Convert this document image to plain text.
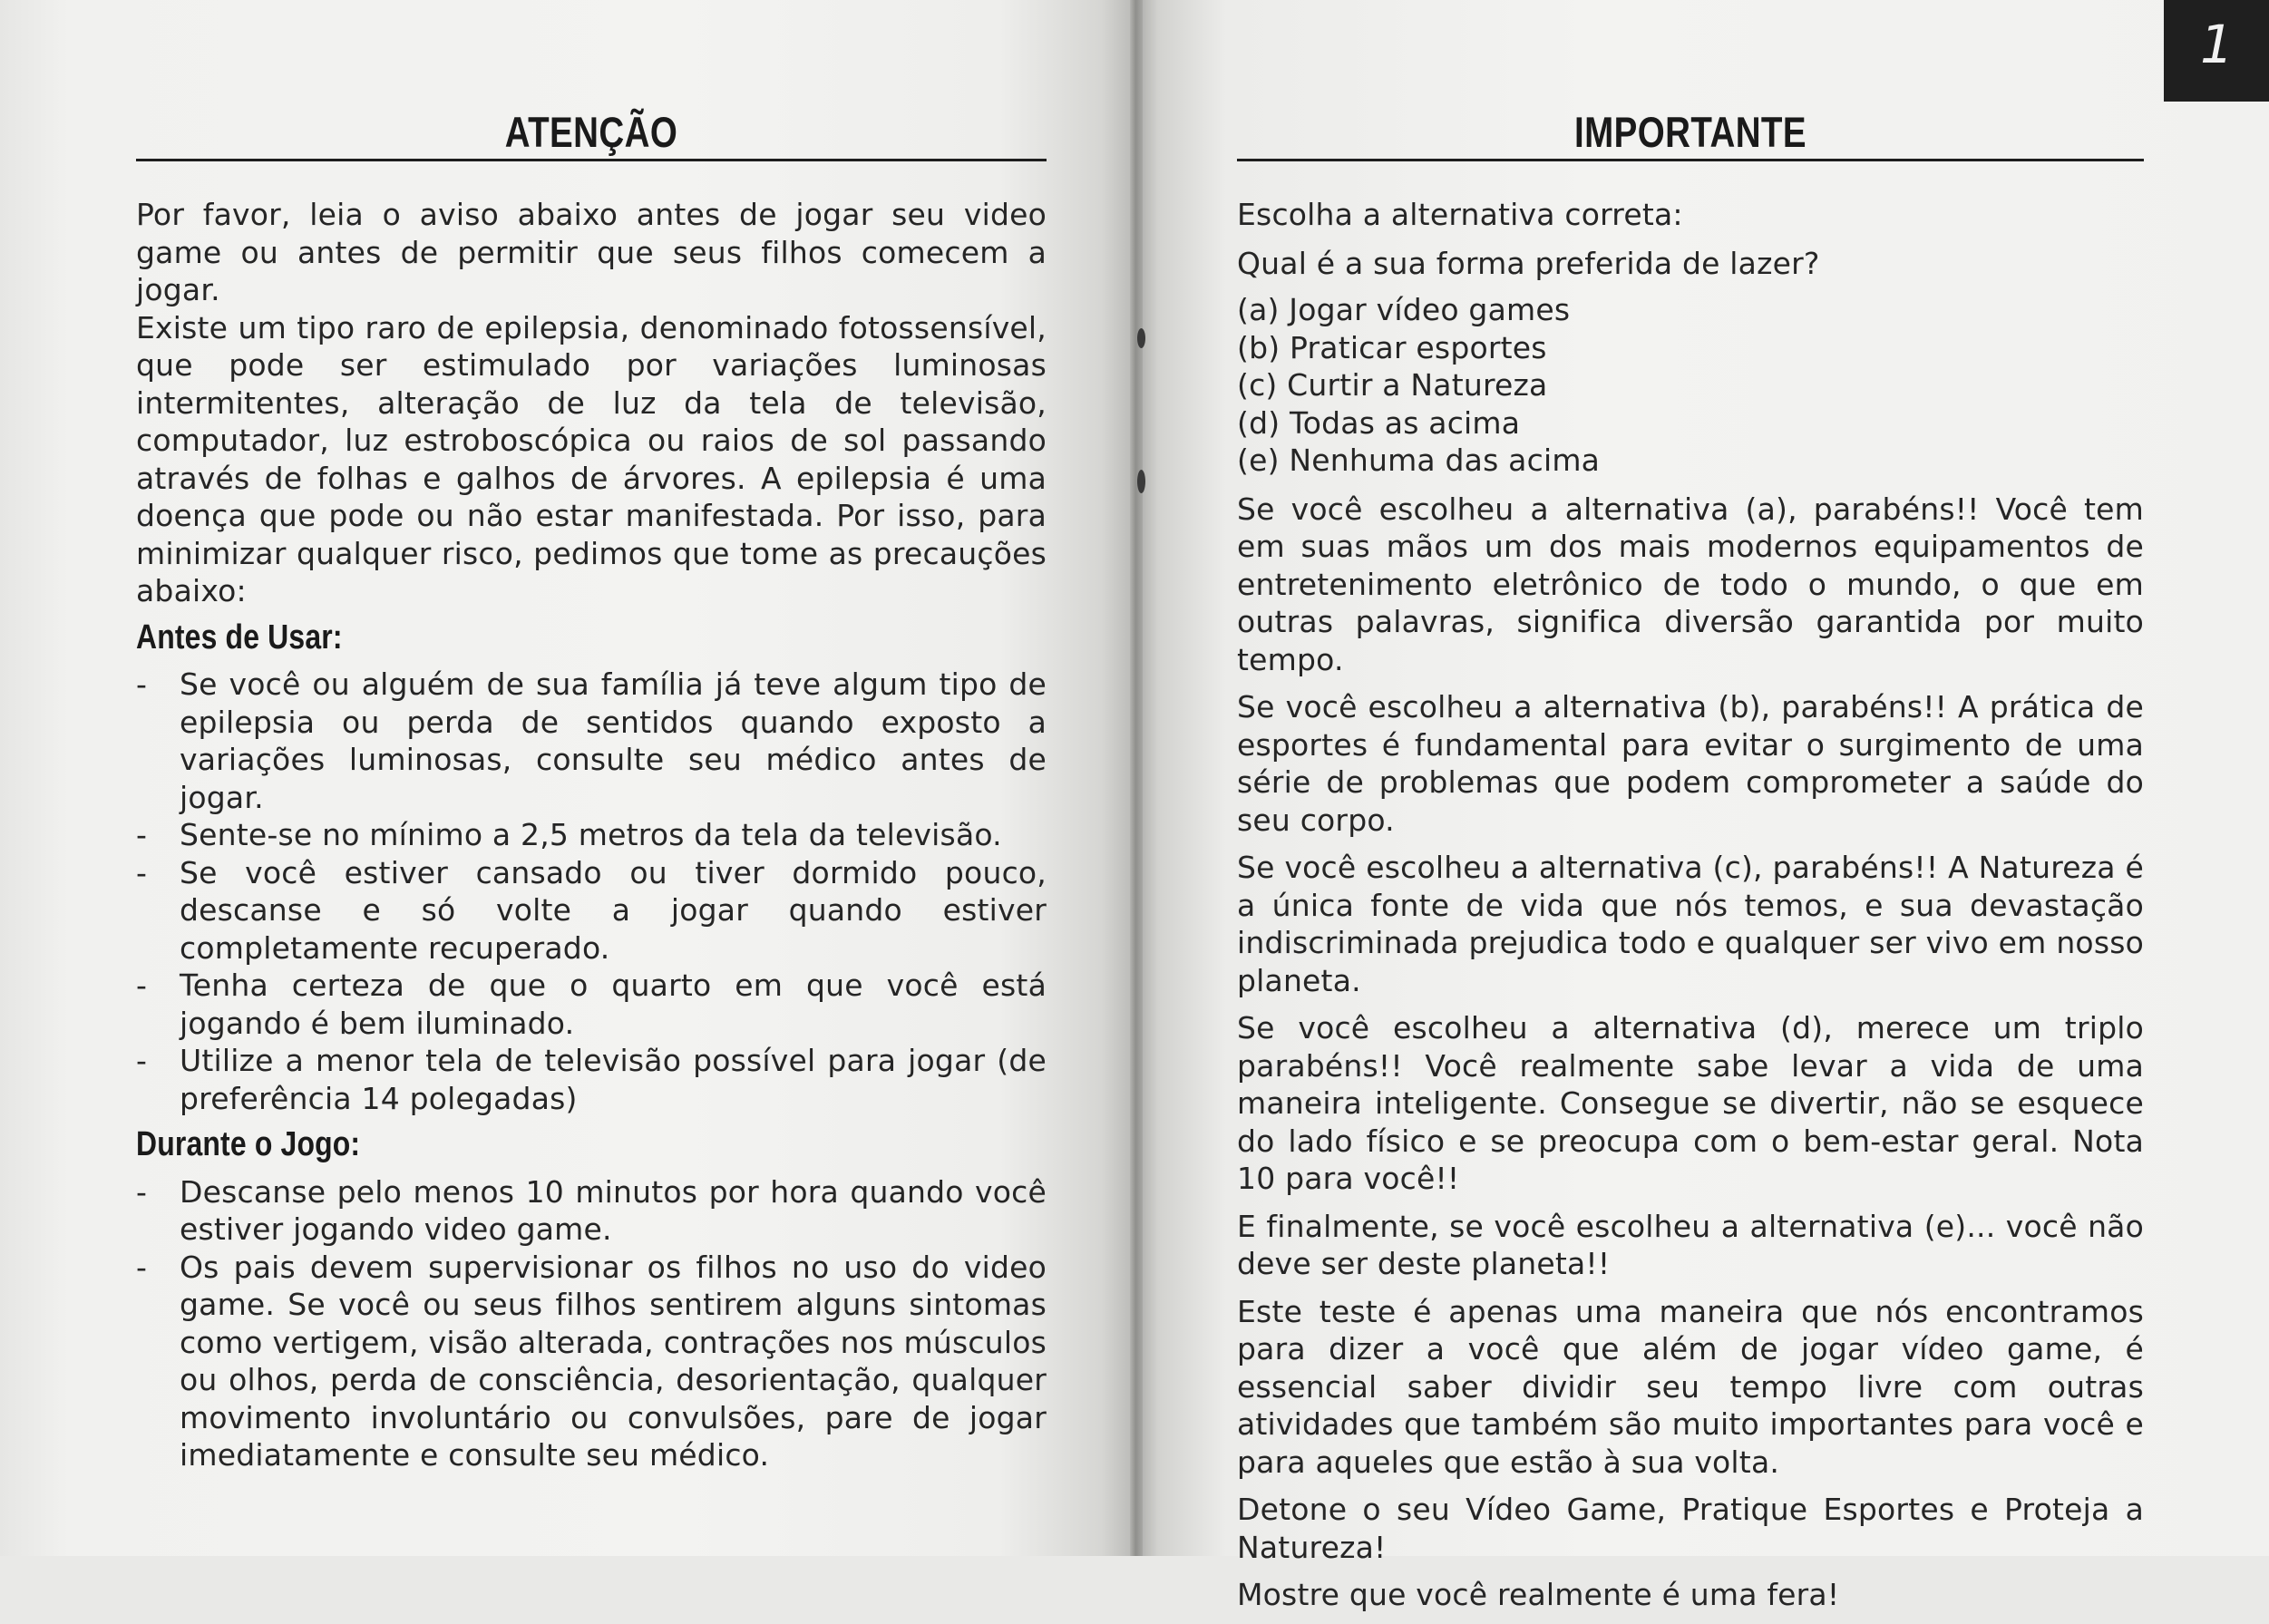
ATENÇÃO

Por favor, leia o aviso abaixo antes de jogar seu video game ou antes de permitir que seus filhos comecem a jogar.

Existe um tipo raro de epilepsia, denominado fotossensível, que pode ser estimulado por variações luminosas intermitentes, alteração de luz da tela de televisão, computador, luz estroboscópica ou raios de sol passando através de folhas e galhos de árvores. A epilepsia é uma doença que pode ou não estar manifestada. Por isso, para minimizar qualquer risco, pedimos que tome as precauções abaixo:

Antes de Usar:
- Se você ou alguém de sua família já teve algum tipo de epilepsia ou perda de sentidos quando exposto a variações luminosas, consulte seu médico antes de jogar.
- Sente-se no mínimo a 2,5 metros da tela da televisão.
- Se você estiver cansado ou tiver dormido pouco, descanse e só volte a jogar quando estiver completamente recuperado.
- Tenha certeza de que o quarto em que você está jogando é bem iluminado.
- Utilize a menor tela de televisão possível para jogar (de preferência 14 polegadas)
Durante o Jogo:
- Descanse pelo menos 10 minutos por hora quando você estiver jogando video game.
- Os pais devem supervisionar os filhos no uso do video game. Se você ou seus filhos sentirem alguns sintomas como vertigem, visão alterada, contrações nos músculos ou olhos, perda de consciência, desorientação, qualquer movimento involuntário ou convulsões, pare de jogar imediatamente e consulte seu médico.
IMPORTANTE

Escolha a alternativa correta:

Qual é a sua forma preferida de lazer?

(a) Jogar vídeo games
(b) Praticar esportes
(c) Curtir a Natureza
(d) Todas as acima
(e) Nenhuma das acima

Se você escolheu a alternativa (a), parabéns!! Você tem em suas mãos um dos mais modernos equipamentos de entretenimento eletrônico de todo o mundo, o que em outras palavras, significa diversão garantida por muito tempo.

Se você escolheu a alternativa (b), parabéns!! A prática de esportes é fundamental para evitar o surgimento de uma série de problemas que podem comprometer a saúde do seu corpo.

Se você escolheu a alternativa (c), parabéns!! A Natureza é a única fonte de vida que nós temos, e sua devastação indiscriminada prejudica todo e qualquer ser vivo em nosso planeta.

Se você escolheu a alternativa (d), merece um triplo parabéns!! Você realmente sabe levar a vida de uma maneira inteligente. Consegue se divertir, não se esquece do lado físico e se preocupa com o bem-estar geral. Nota 10 para você!!

E finalmente, se você escolheu a alternativa (e)... você não deve ser deste planeta!!

Este teste é apenas uma maneira que nós encontramos para dizer a você que além de jogar vídeo game, é essencial saber dividir seu tempo livre com outras atividades que também são muito importantes para você e para aqueles que estão à sua volta.

Detone o seu Vídeo Game, Pratique Esportes e Proteja a Natureza!

Mostre que você realmente é uma fera!

1
